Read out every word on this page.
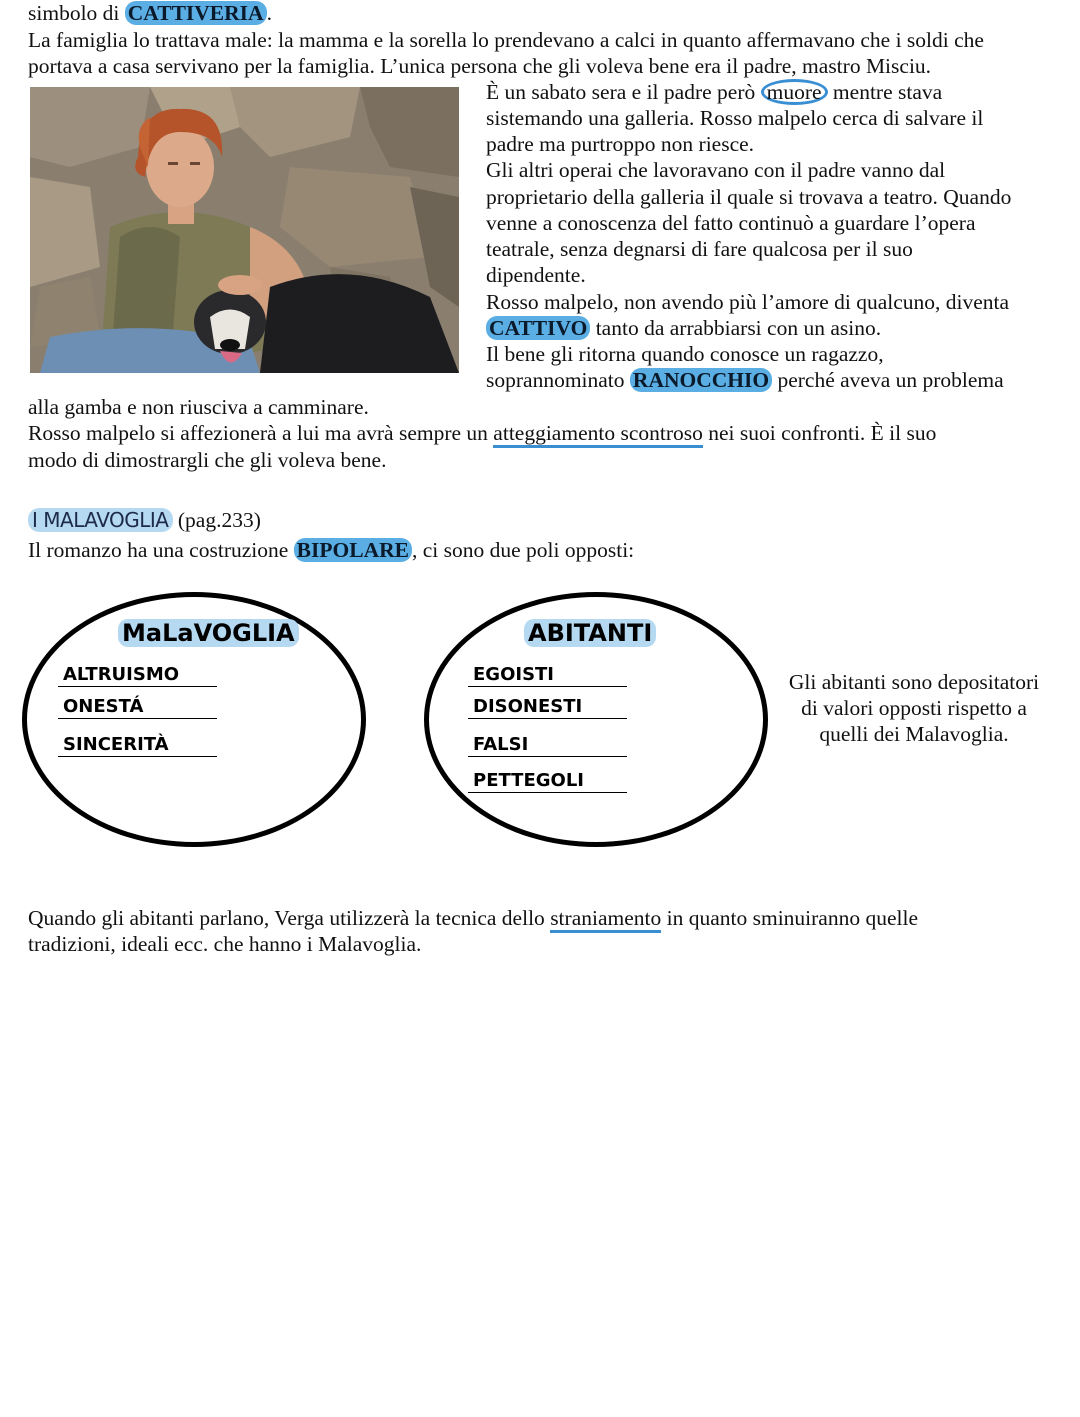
simbolo di CATTIVERIA .
La famiglia lo trattava male: la mamma e la sorella lo prendevano a calci in quanto affermavano che i soldi che
portava a casa servivano per la famiglia. L’unica persona che gli voleva bene era il padre, mastro Misciu.
È un sabato sera e il padre però muore mentre stava
sistemando una galleria. Rosso malpelo cerca di salvare il
padre ma purtroppo non riesce.
Gli altri operai che lavoravano con il padre vanno dal
proprietario della galleria il quale si trovava a teatro. Quando
venne a conoscenza del fatto continuò a guardare l’opera
teatrale, senza degnarsi di fare qualcosa per il suo
dipendente.
Rosso malpelo, non avendo più l’amore di qualcuno, diventa
CATTIVO tanto da arrabbiarsi con un asino.
Il bene gli ritorna quando conosce un ragazzo,
soprannominato RANOCCHIO perché aveva un problema
alla gamba e non riusciva a camminare.
Rosso malpelo si affezionerà a lui ma avrà sempre un atteggiamento scontroso nei suoi confronti. È il suo
modo di dimostrargli che gli voleva bene.
I MALAVOGLIA (pag.233)
Il romanzo ha una costruzione BIPOLARE , ci sono due poli opposti:
MaLaVOGLIA
ALTRUISMO
ONESTÁ
SINCERITÀ
ABITANTI
EGOISTI
DISONESTI
FALSI
PETTEGOLI
Gli abitanti sono depositatori di valori opposti rispetto a quelli dei Malavoglia.
Quando gli abitanti parlano, Verga utilizzerà la tecnica dello straniamento in quanto sminuiranno quelle
tradizioni, ideali ecc. che hanno i Malavoglia.
